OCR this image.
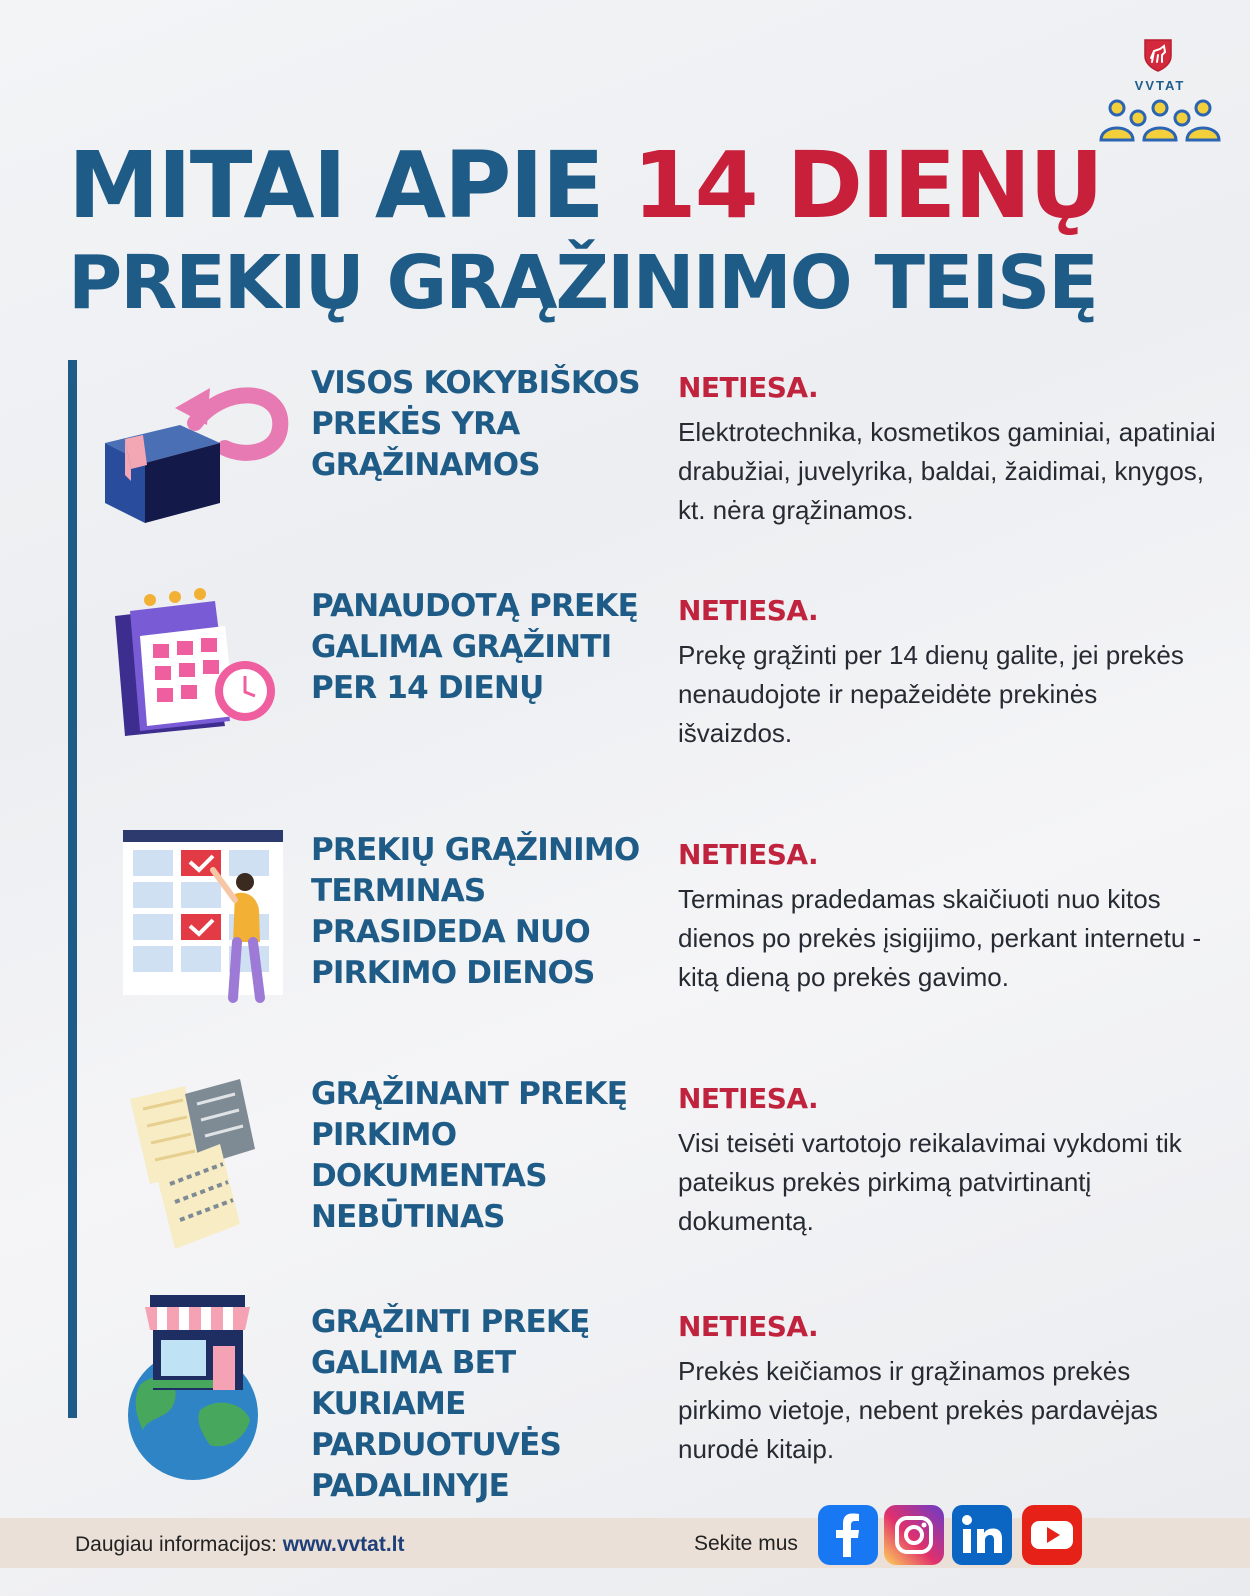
VVTAT
MITAI APIE 14 DIENŲ
PREKIŲ GRĄŽINIMO TEISĘ

VISOS KOKYBIŠKOS PREKĖS YRA GRĄŽINAMOS

NETIESA.

Elektrotechnika, kosmetikos gaminiai, apatiniai drabužiai, juvelyrika, baldai, žaidimai, knygos, kt. nėra grąžinamos.

PANAUDOTĄ PREKĘ GALIMA GRĄŽINTI PER 14 DIENŲ

NETIESA.

Prekę grąžinti per 14 dienų galite, jei prekės nenaudojote ir nepažeidėte prekinės išvaizdos.

PREKIŲ GRĄŽINIMO TERMINAS PRASIDEDA NUO PIRKIMO DIENOS

NETIESA.

Terminas pradedamas skaičiuoti nuo kitos dienos po prekės įsigijimo, perkant internetu - kitą dieną po prekės gavimo.

GRĄŽINANT PREKĘ PIRKIMO DOKUMENTAS NEBŪTINAS

NETIESA.

Visi teisėti vartotojo reikalavimai vykdomi tik pateikus prekės pirkimą patvirtinantį dokumentą.

GRĄŽINTI PREKĘ GALIMA BET KURIAME PARDUOTUVĖS PADALINYJE

NETIESA.

Prekės keičiamos ir grąžinamos prekės pirkimo vietoje, nebent prekės pardavėjas nurodė kitaip.

Daugiau informacijos: www.vvtat.lt	Sekite mus
